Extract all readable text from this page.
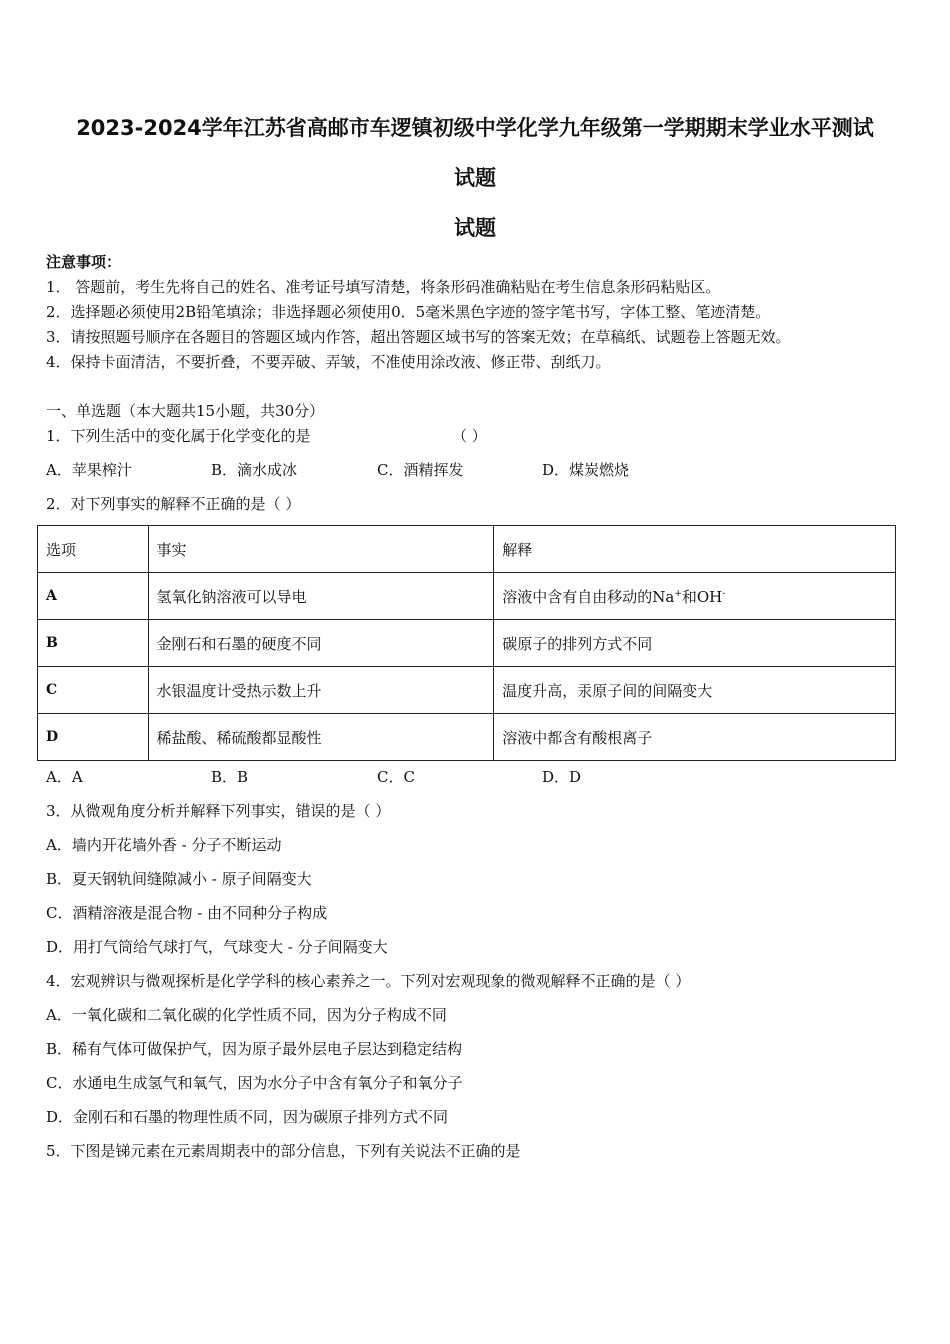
2023-2024学年江苏省高邮市车逻镇初级中学化学九年级第一学期期末学业水平测试
试题
试题
注意事项：
1． 答题前，考生先将自己的姓名、准考证号填写清楚，将条形码准确粘贴在考生信息条形码粘贴区。
2．选择题必须使用2B铅笔填涂；非选择题必须使用0．5毫米黑色字迹的签字笔书写，字体工整、笔迹清楚。
3．请按照题号顺序在各题目的答题区域内作答，超出答题区域书写的答案无效；在草稿纸、试题卷上答题无效。
4．保持卡面清洁，不要折叠，不要弄破、弄皱，不准使用涂改液、修正带、刮纸刀。
一、单选题（本大题共15小题，共30分）
1．下列生活中的变化属于化学变化的是	（ ）
A．苹果榨汁	B．滴水成冰	C．酒精挥发	D．煤炭燃烧
2．对下列事实的解释不正确的是（ ）
选项	事实	解释
A	氢氧化钠溶液可以导电	溶液中含有自由移动的Na+和OH-
B	金刚石和石墨的硬度不同	碳原子的排列方式不同
C	水银温度计受热示数上升	温度升高，汞原子间的间隔变大
D	稀盐酸、稀硫酸都显酸性	溶液中都含有酸根离子
A．A	B．B	C．C	D．D
3．从微观角度分析并解释下列事实，错误的是（ ）
A．墙内开花墙外香 - 分子不断运动
B．夏天钢轨间缝隙减小 - 原子间隔变大
C．酒精溶液是混合物 - 由不同种分子构成
D．用打气筒给气球打气，气球变大 - 分子间隔变大
4．宏观辨识与微观探析是化学学科的核心素养之一。下列对宏观现象的微观解释不正确的是（ ）
A．一氧化碳和二氧化碳的化学性质不同，因为分子构成不同
B．稀有气体可做保护气，因为原子最外层电子层达到稳定结构
C．水通电生成氢气和氧气，因为水分子中含有氧分子和氧分子
D．金刚石和石墨的物理性质不同，因为碳原子排列方式不同
5．下图是锑元素在元素周期表中的部分信息，下列有关说法不正确的是
